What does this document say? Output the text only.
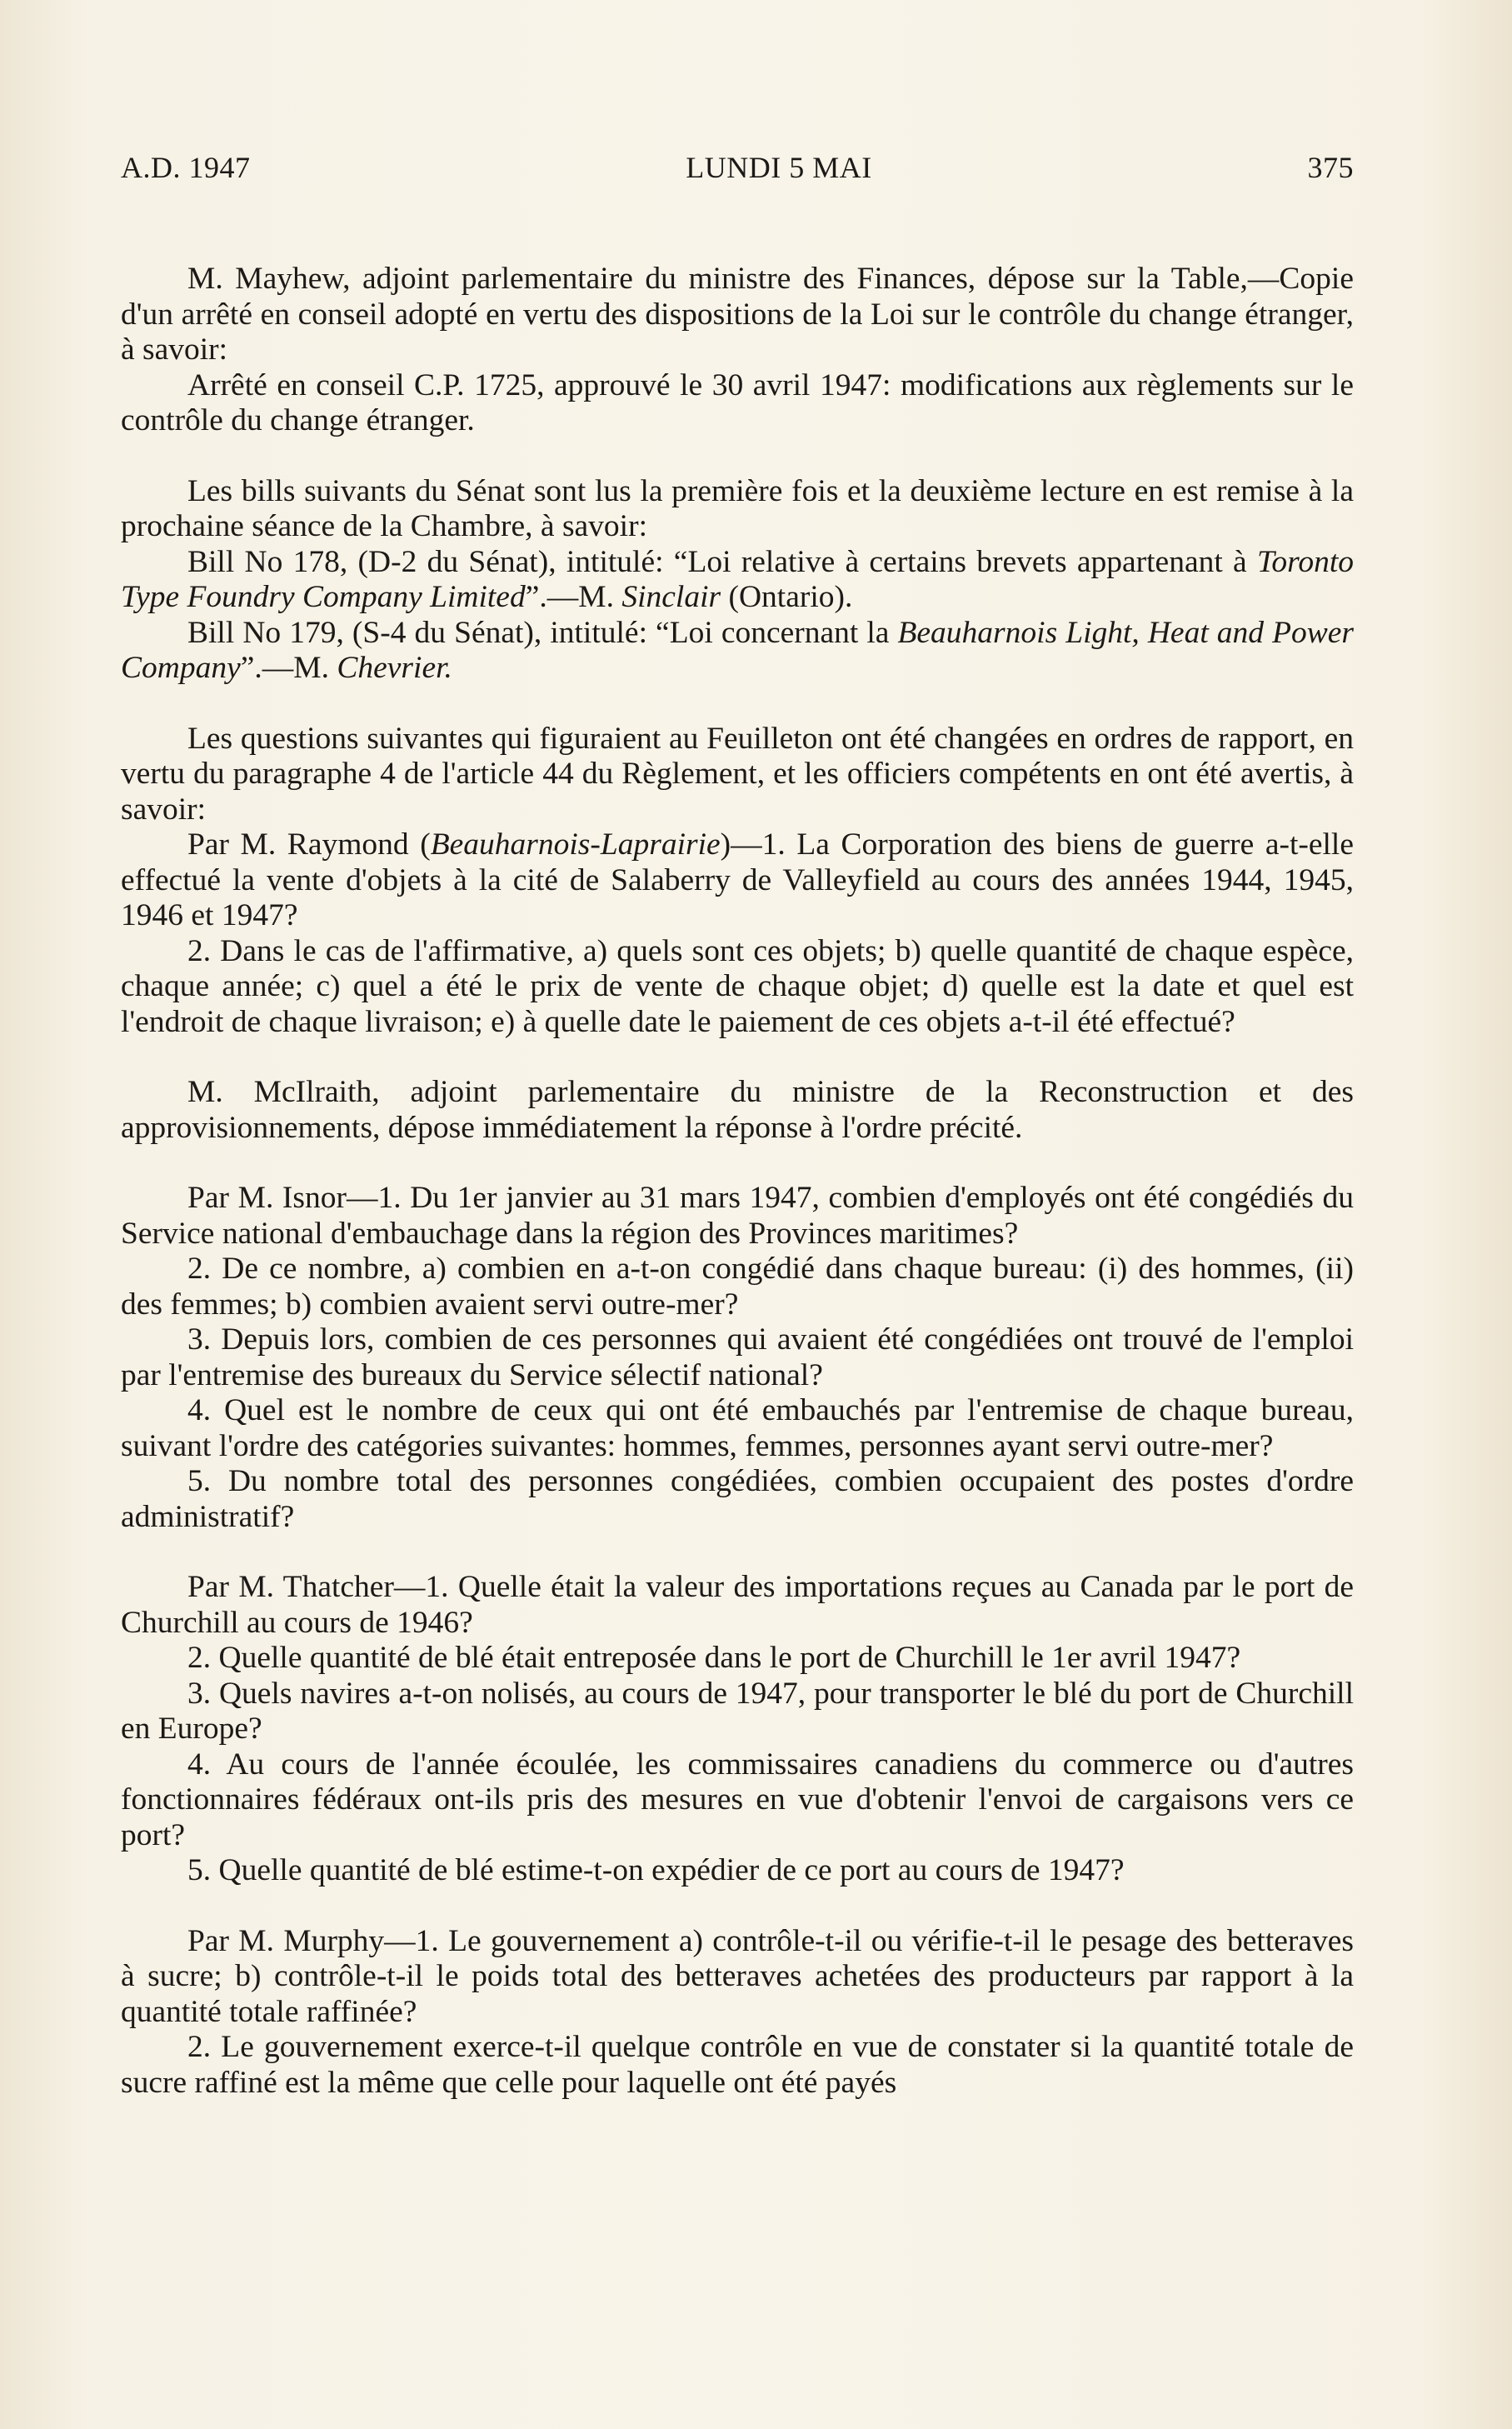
A.D. 1947	LUNDI 5 MAI	375

M. Mayhew, adjoint parlementaire du ministre des Finances, dépose sur la Table,—Copie d'un arrêté en conseil adopté en vertu des dispositions de la Loi sur le contrôle du change étranger, à savoir:

Arrêté en conseil C.P. 1725, approuvé le 30 avril 1947: modifications aux règlements sur le contrôle du change étranger.

Les bills suivants du Sénat sont lus la première fois et la deuxième lecture en est remise à la prochaine séance de la Chambre, à savoir:

Bill No 178, (D-2 du Sénat), intitulé: “Loi relative à certains brevets appartenant à Toronto Type Foundry Company Limited”.—M. Sinclair (Ontario).

Bill No 179, (S-4 du Sénat), intitulé: “Loi concernant la Beauharnois Light, Heat and Power Company”.—M. Chevrier.

Les questions suivantes qui figuraient au Feuilleton ont été changées en ordres de rapport, en vertu du paragraphe 4 de l'article 44 du Règlement, et les officiers compétents en ont été avertis, à savoir:

Par M. Raymond (Beauharnois-Laprairie)—1. La Corporation des biens de guerre a-t-elle effectué la vente d'objets à la cité de Salaberry de Valleyfield au cours des années 1944, 1945, 1946 et 1947?

2. Dans le cas de l'affirmative, a) quels sont ces objets; b) quelle quantité de chaque espèce, chaque année; c) quel a été le prix de vente de chaque objet; d) quelle est la date et quel est l'endroit de chaque livraison; e) à quelle date le paiement de ces objets a-t-il été effectué?

M. McIlraith, adjoint parlementaire du ministre de la Reconstruction et des approvisionnements, dépose immédiatement la réponse à l'ordre précité.

Par M. Isnor—1. Du 1er janvier au 31 mars 1947, combien d'employés ont été congédiés du Service national d'embauchage dans la région des Provinces maritimes?

2. De ce nombre, a) combien en a-t-on congédié dans chaque bureau: (i) des hommes, (ii) des femmes; b) combien avaient servi outre-mer?

3. Depuis lors, combien de ces personnes qui avaient été congédiées ont trouvé de l'emploi par l'entremise des bureaux du Service sélectif national?

4. Quel est le nombre de ceux qui ont été embauchés par l'entremise de chaque bureau, suivant l'ordre des catégories suivantes: hommes, femmes, personnes ayant servi outre-mer?

5. Du nombre total des personnes congédiées, combien occupaient des postes d'ordre administratif?

Par M. Thatcher—1. Quelle était la valeur des importations reçues au Canada par le port de Churchill au cours de 1946?

2. Quelle quantité de blé était entreposée dans le port de Churchill le 1er avril 1947?

3. Quels navires a-t-on nolisés, au cours de 1947, pour transporter le blé du port de Churchill en Europe?

4. Au cours de l'année écoulée, les commissaires canadiens du commerce ou d'autres fonctionnaires fédéraux ont-ils pris des mesures en vue d'obtenir l'envoi de cargaisons vers ce port?

5. Quelle quantité de blé estime-t-on expédier de ce port au cours de 1947?

Par M. Murphy—1. Le gouvernement a) contrôle-t-il ou vérifie-t-il le pesage des betteraves à sucre; b) contrôle-t-il le poids total des betteraves achetées des producteurs par rapport à la quantité totale raffinée?

2. Le gouvernement exerce-t-il quelque contrôle en vue de constater si la quantité totale de sucre raffiné est la même que celle pour laquelle ont été payés
